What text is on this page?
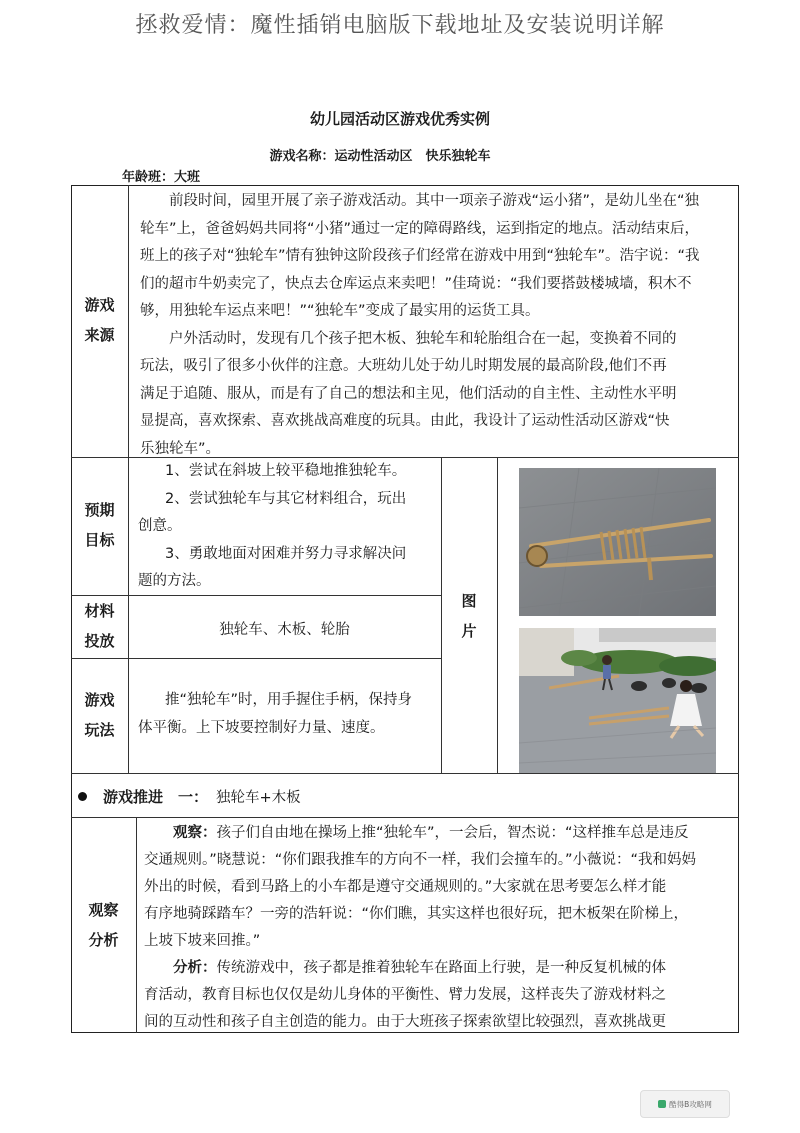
拯救爱情：魔性插销电脑版下载地址及安装说明详解
幼儿园活动区游戏优秀实例
游戏名称：运动性活动区　快乐独轮车
年龄班：大班
游戏
来源

前段时间，园里开展了亲子游戏活动。其中一项亲子游戏“运小猪”，是幼儿坐在“独

轮车”上，爸爸妈妈共同将“小猪”通过一定的障碍路线，运到指定的地点。活动结束后，

班上的孩子对“独轮车”情有独钟这阶段孩子们经常在游戏中用到“独轮车”。浩宇说：“我

们的超市牛奶卖完了，快点去仓库运点来卖吧！”佳琦说：“我们要搭鼓楼城墙，积木不

够，用独轮车运点来吧！”“独轮车”变成了最实用的运货工具。

户外活动时，发现有几个孩子把木板、独轮车和轮胎组合在一起，变换着不同的

玩法，吸引了很多小伙伴的注意。大班幼儿处于幼儿时期发展的最高阶段,他们不再

满足于追随、服从，而是有了自己的想法和主见，他们活动的自主性、主动性水平明

显提高，喜欢探索、喜欢挑战高难度的玩具。由此，我设计了运动性活动区游戏“快

乐独轮车”。

预期
目标

1、尝试在斜坡上较平稳地推独轮车。

2、尝试独轮车与其它材料组合，玩出

创意。

3、勇敢地面对困难并努力寻求解决问

题的方法。

图
片
材料
投放
独轮车、木板、轮胎
游戏
玩法

推“独轮车”时，用手握住手柄，保持身

体平衡。上下坡要控制好力量、速度。

游戏推进　一： 独轮车+木板
观察
分析

观察：孩子们自由地在操场上推“独轮车”，一会后，智杰说：“这样推车总是违反

交通规则。”晓慧说：“你们跟我推车的方向不一样，我们会撞车的。”小薇说：“我和妈妈

外出的时候，看到马路上的小车都是遵守交通规则的。”大家就在思考要怎么样才能

有序地骑踩踏车？一旁的浩轩说：“你们瞧，其实这样也很好玩，把木板架在阶梯上，

上坡下坡来回推。”

分析：传统游戏中，孩子都是推着独轮车在路面上行驶，是一种反复机械的体

育活动，教育目标也仅仅是幼儿身体的平衡性、臂力发展，这样丧失了游戏材料之

间的互动性和孩子自主创造的能力。由于大班孩子探索欲望比较强烈，喜欢挑战更

酷得B攻略网
